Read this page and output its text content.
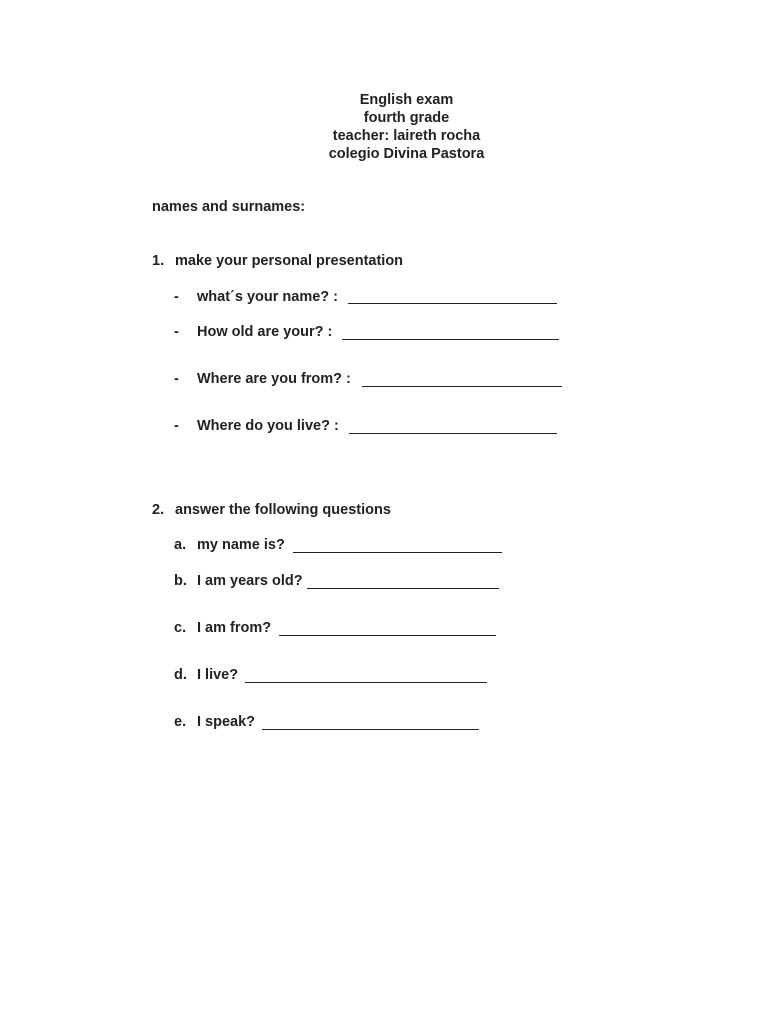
English exam
fourth grade
teacher: laireth rocha
colegio Divina Pastora
names and surnames:
1. make your personal presentation
- what´s your name? :
- How old are your? :
- Where are you from? :
- Where do you live? :
2. answer the following questions
a. my name is?
b. I am years old?
c. I am from?
d. I live?
e. I speak?
